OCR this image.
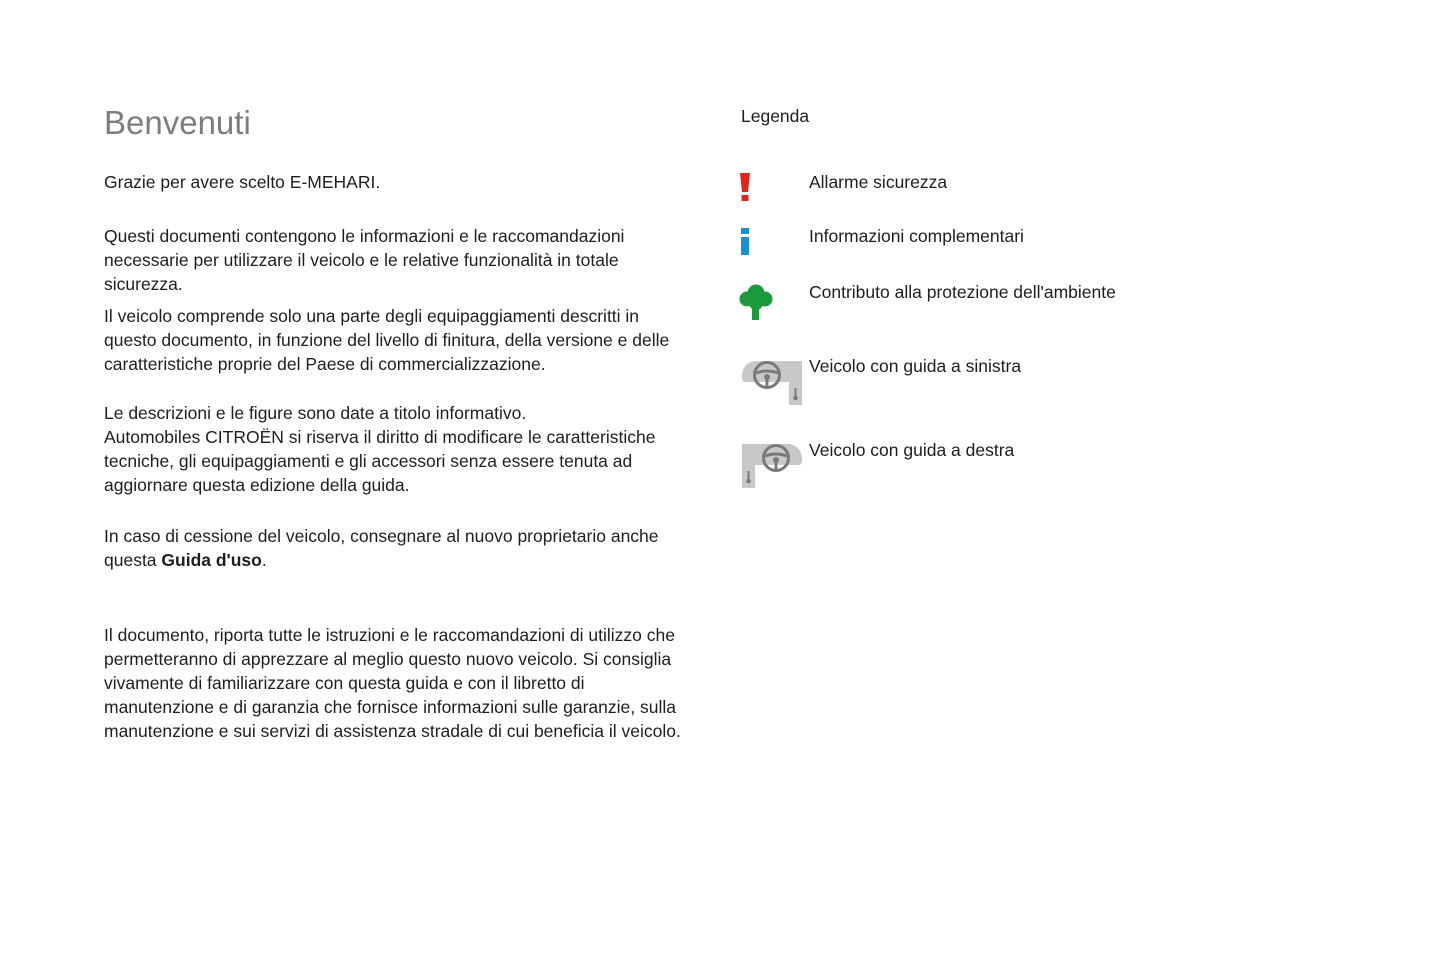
Benvenuti

Grazie per avere scelto E-MEHARI.

Questi documenti contengono le informazioni e le raccomandazioni necessarie per utilizzare il veicolo e le relative funzionalità in totale sicurezza.

Il veicolo comprende solo una parte degli equipaggiamenti descritti in questo documento, in funzione del livello di finitura, della versione e delle caratteristiche proprie del Paese di commercializzazione.

Le descrizioni e le figure sono date a titolo informativo.
Automobiles CITROËN si riserva il diritto di modificare le caratteristiche tecniche, gli equipaggiamenti e gli accessori senza essere tenuta ad aggiornare questa edizione della guida.

In caso di cessione del veicolo, consegnare al nuovo proprietario anche questa Guida d'uso.

Il documento, riporta tutte le istruzioni e le raccomandazioni di utilizzo che permetteranno di apprezzare al meglio questo nuovo veicolo. Si consiglia vivamente di familiarizzare con questa guida e con il libretto di manutenzione e di garanzia che fornisce informazioni sulle garanzie, sulla manutenzione e sui servizi di assistenza stradale di cui beneficia il veicolo.

Legenda
Allarme sicurezza
Informazioni complementari
Contributo alla protezione dell'ambiente
Veicolo con guida a sinistra
Veicolo con guida a destra
